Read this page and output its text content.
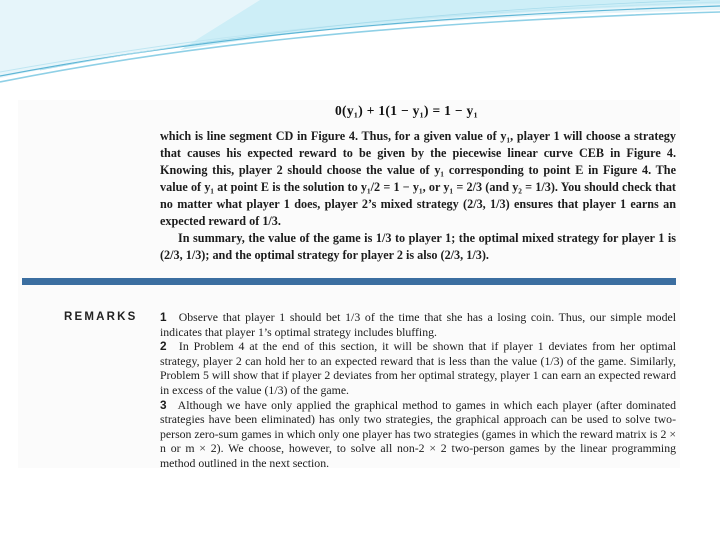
0(y₁) + 1(1 − y₁) = 1 − y₁

which is line segment CD in Figure 4. Thus, for a given value of y₁, player 1 will choose a strategy that causes his expected reward to be given by the piecewise linear curve CEB in Figure 4. Knowing this, player 2 should choose the value of y₁ corresponding to point E in Figure 4. The value of y₁ at point E is the solution to y₁/2 = 1 − y₁, or y₁ = 2/3 (and y₂ = 1/3). You should check that no matter what player 1 does, player 2’s mixed strategy (2/3, 1/3) ensures that player 1 earns an expected reward of 1/3.

In summary, the value of the game is 1/3 to player 1; the optimal mixed strategy for player 1 is (2/3, 1/3); and the optimal strategy for player 2 is also (2/3, 1/3).

REMARKS 1 Observe that player 1 should bet 1/3 of the time that she has a losing coin. Thus, our simple model indicates that player 1’s optimal strategy includes bluffing.

2 In Problem 4 at the end of this section, it will be shown that if player 1 deviates from her optimal strategy, player 2 can hold her to an expected reward that is less than the value (1/3) of the game. Similarly, Problem 5 will show that if player 2 deviates from her optimal strategy, player 1 can earn an expected reward in excess of the value (1/3) of the game.

3 Although we have only applied the graphical method to games in which each player (after dominated strategies have been eliminated) has only two strategies, the graphical approach can be used to solve two-person zero-sum games in which only one player has two strategies (games in which the reward matrix is 2 × n or m × 2). We choose, however, to solve all non-2 × 2 two-person games by the linear programming method outlined in the next section.
